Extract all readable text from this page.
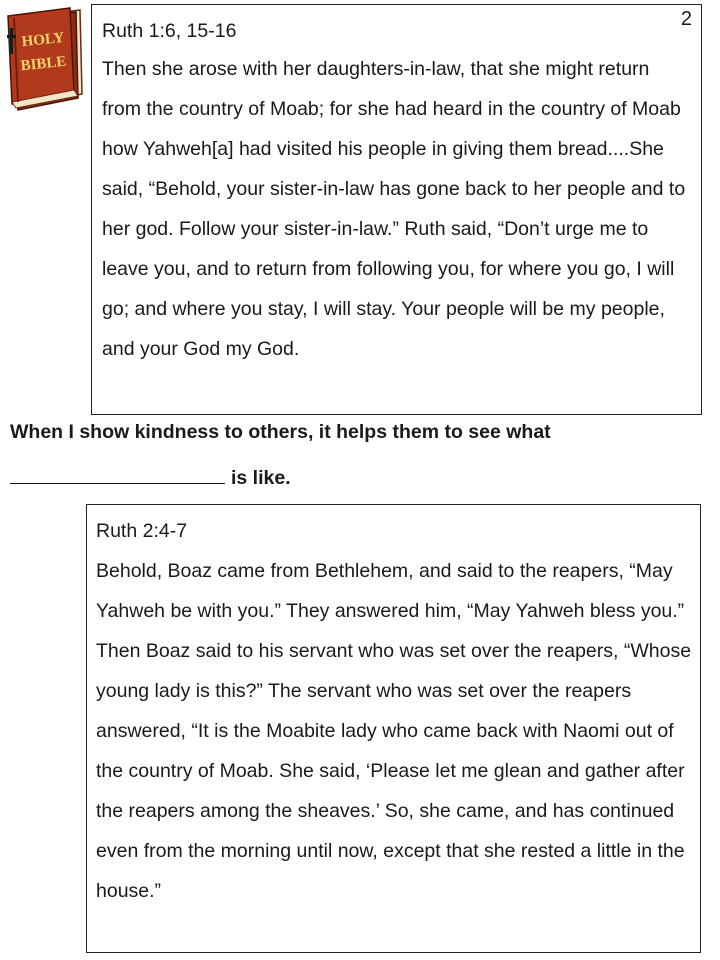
2
HOLY
BIBLE
Ruth 1:6, 15-16
Then she arose with her daughters-in-law, that she might return from the country of Moab; for she had heard in the country of Moab how Yahweh[a] had visited his people in giving them bread....She said, “Behold, your sister-in-law has gone back to her people and to her god. Follow your sister-in-law.” Ruth said, “Don’t urge me to leave you, and to return from following you, for where you go, I will go; and where you stay, I will stay. Your people will be my people, and your God my God.
When I show kindness to others, it helps them to see what
is like.
Ruth 2:4-7
Behold, Boaz came from Bethlehem, and said to the reapers, “May Yahweh be with you.” They answered him, “May Yahweh bless you.” Then Boaz said to his servant who was set over the reapers, “Whose young lady is this?” The servant who was set over the reapers answered, “It is the Moabite lady who came back with Naomi out of the country of Moab. She said, ‘Please let me glean and gather after the reapers among the sheaves.’ So, she came, and has continued even from the morning until now, except that she rested a little in the house.”
